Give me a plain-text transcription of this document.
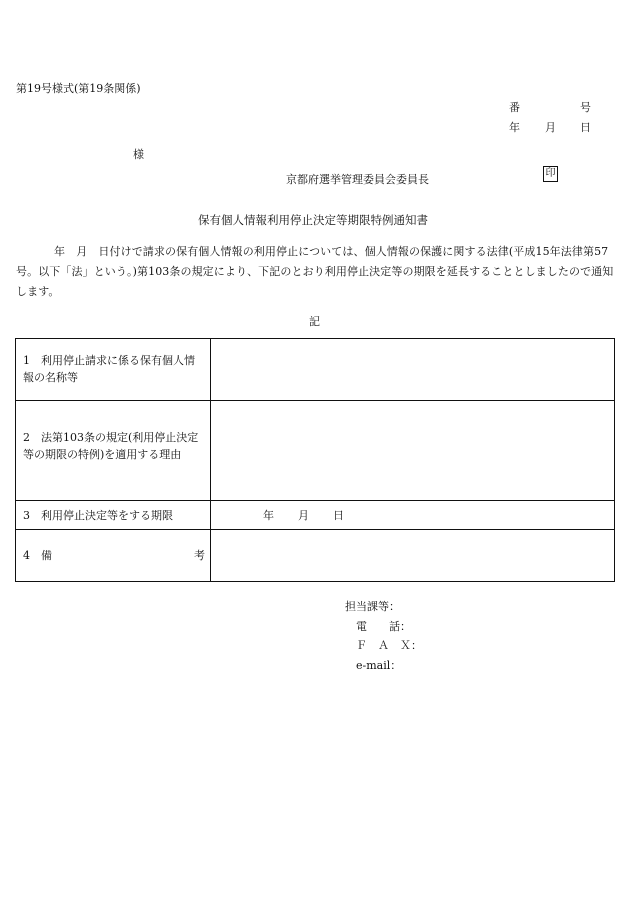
第19号様式(第19条関係)
番	号
年 月 日
様
京都府選挙管理委員会委員長	印
保有個人情報利用停止決定等期限特例通知書
年　月　日付けで請求の保有個人情報の利用停止については、個人情報の保護に関する法律(平成15年法律第57号。以下「法」という。)第103条の規定により、下記のとおり利用停止決定等の期限を延長することとしましたので通知します。
記
1　利用停止請求に係る保有個人情報の名称等	
2　法第103条の規定(利用停止決定等の期限の特例)を適用する理由	
3　利用停止決定等をする期限	年 月 日

4　備 考	

担当課等：
電　　話：
Ｆ　Ａ　Ｘ：
e-mail：
